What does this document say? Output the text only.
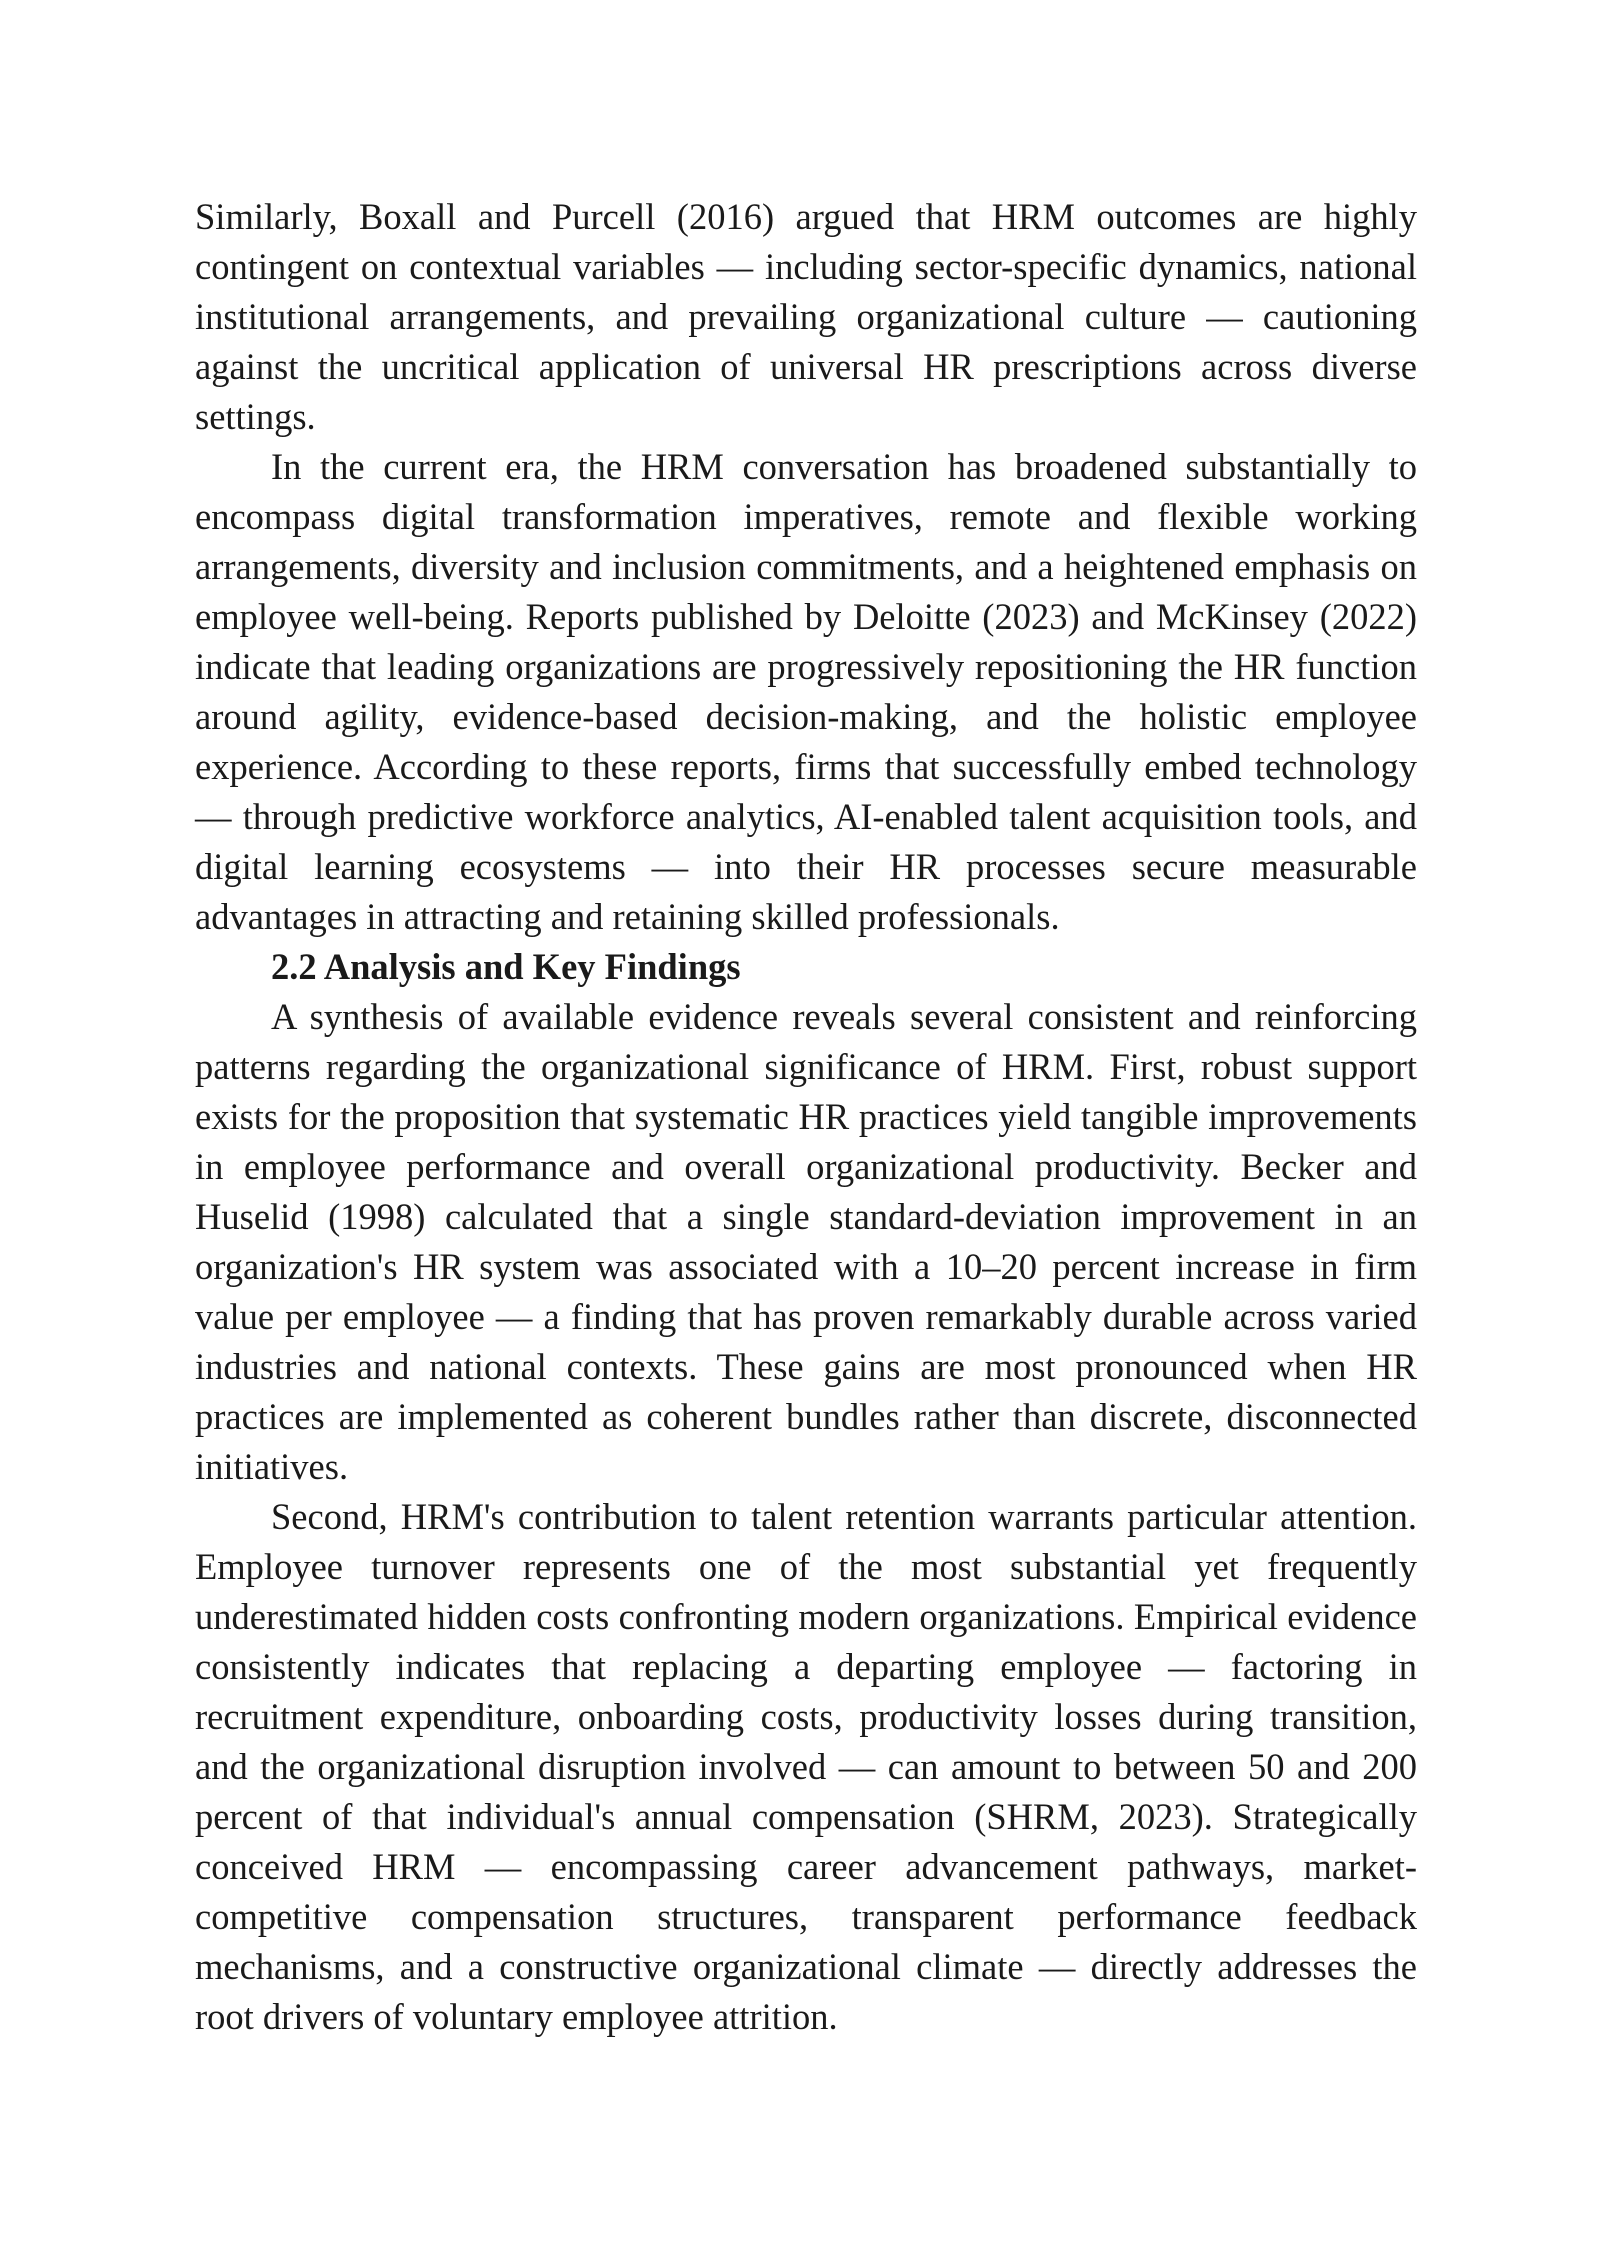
Similarly, Boxall and Purcell (2016) argued that HRM outcomes are highly contingent on contextual variables — including sector-specific dynamics, national institutional arrangements, and prevailing organizational culture — cautioning against the uncritical application of universal HR prescriptions across diverse settings.

In the current era, the HRM conversation has broadened substantially to encompass digital transformation imperatives, remote and flexible working arrangements, diversity and inclusion commitments, and a heightened emphasis on employee well-being. Reports published by Deloitte (2023) and McKinsey (2022) indicate that leading organizations are progressively repositioning the HR function around agility, evidence-based decision-making, and the holistic employee experience. According to these reports, firms that successfully embed technology — through predictive workforce analytics, AI-enabled talent acquisition tools, and digital learning ecosystems — into their HR processes secure measurable advantages in attracting and retaining skilled professionals.

2.2 Analysis and Key Findings

A synthesis of available evidence reveals several consistent and reinforcing patterns regarding the organizational significance of HRM. First, robust support exists for the proposition that systematic HR practices yield tangible improvements in employee performance and overall organizational productivity. Becker and Huselid (1998) calculated that a single standard-deviation improvement in an organization's HR system was associated with a 10–20 percent increase in firm value per employee — a finding that has proven remarkably durable across varied industries and national contexts. These gains are most pronounced when HR practices are implemented as coherent bundles rather than discrete, disconnected initiatives.

Second, HRM's contribution to talent retention warrants particular attention. Employee turnover represents one of the most substantial yet frequently underestimated hidden costs confronting modern organizations. Empirical evidence consistently indicates that replacing a departing employee — factoring in recruitment expenditure, onboarding costs, productivity losses during transition, and the organizational disruption involved — can amount to between 50 and 200 percent of that individual's annual compensation (SHRM, 2023). Strategically conceived HRM — encompassing career advancement pathways, market-competitive compensation structures, transparent performance feedback mechanisms, and a constructive organizational climate — directly addresses the root drivers of voluntary employee attrition.
